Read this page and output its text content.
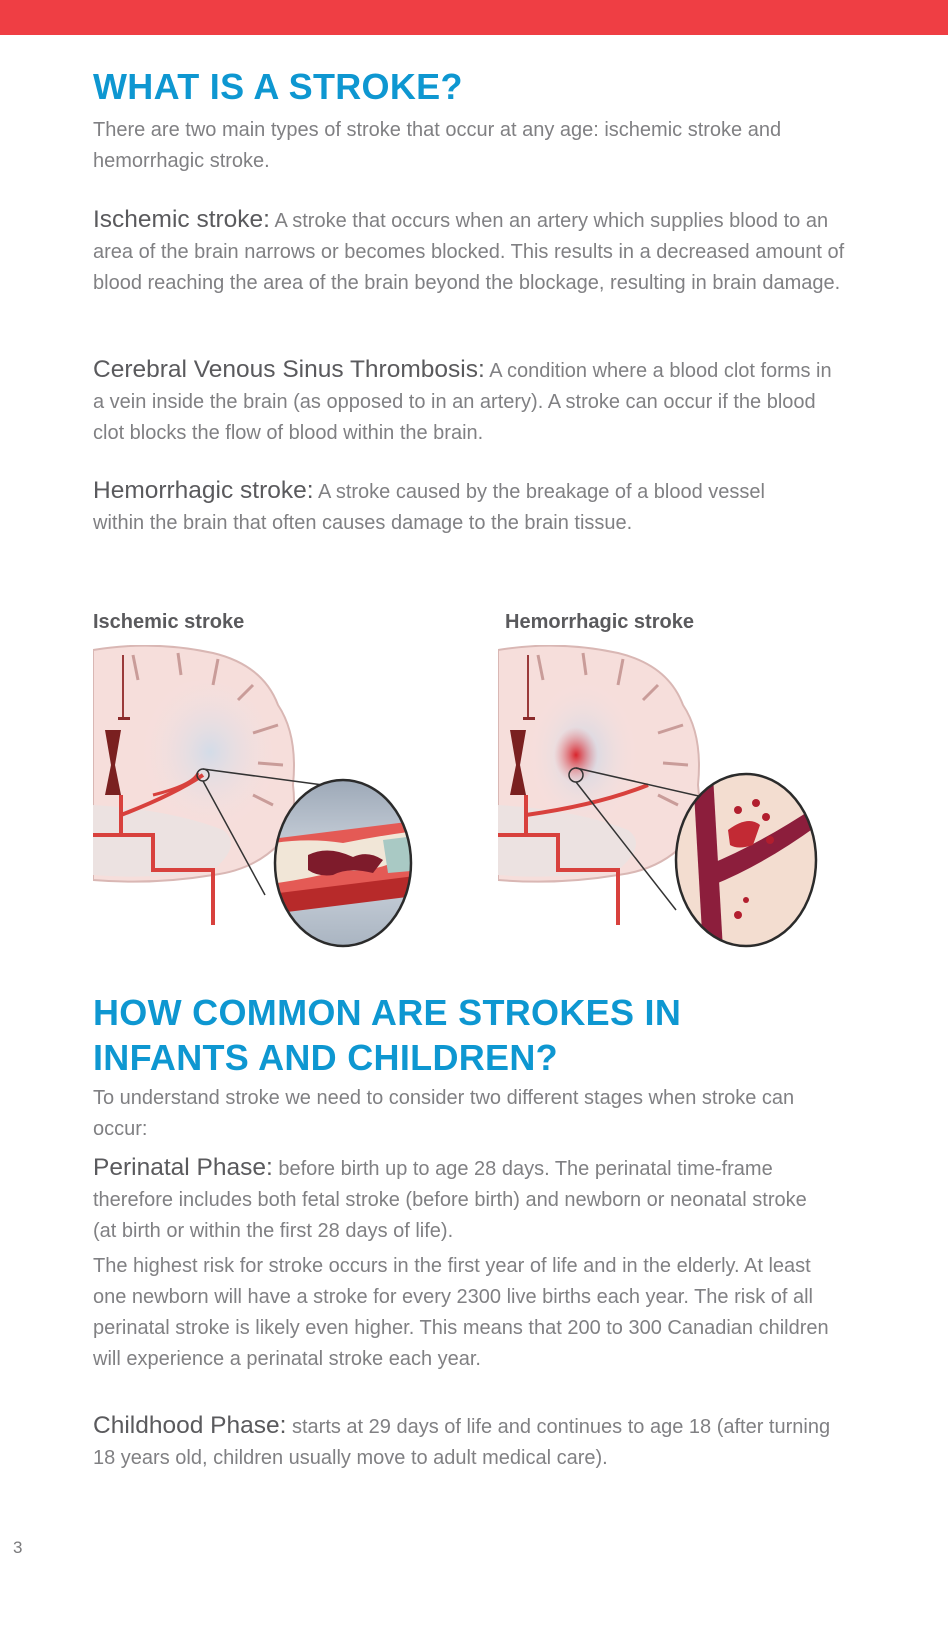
WHAT IS A STROKE?

There are two main types of stroke that occur at any age: ischemic stroke and hemorrhagic stroke.

Ischemic stroke: A stroke that occurs when an artery which supplies blood to an area of the brain narrows or becomes blocked. This results in a decreased amount of blood reaching the area of the brain beyond the blockage, resulting in brain damage.

Cerebral Venous Sinus Thrombosis: A condition where a blood clot forms in a vein inside the brain (as opposed to in an artery). A stroke can occur if the blood clot blocks the flow of blood within the brain.

Hemorrhagic stroke: A stroke caused by the breakage of a blood vessel within the brain that often causes damage to the brain tissue.

Ischemic stroke	Hemorrhagic stroke

HOW COMMON ARE STROKES IN
INFANTS AND CHILDREN?

To understand stroke we need to consider two different stages when stroke can occur:

Perinatal Phase: before birth up to age 28 days. The perinatal time-frame therefore includes both fetal stroke (before birth) and newborn or neonatal stroke (at birth or within the first 28 days of life).

The highest risk for stroke occurs in the first year of life and in the elderly. At least one newborn will have a stroke for every 2300 live births each year. The risk of all perinatal stroke is likely even higher. This means that 200 to 300 Canadian children will experience a perinatal stroke each year.

Childhood Phase: starts at 29 days of life and continues to age 18 (after turning 18 years old, children usually move to adult medical care).

3
